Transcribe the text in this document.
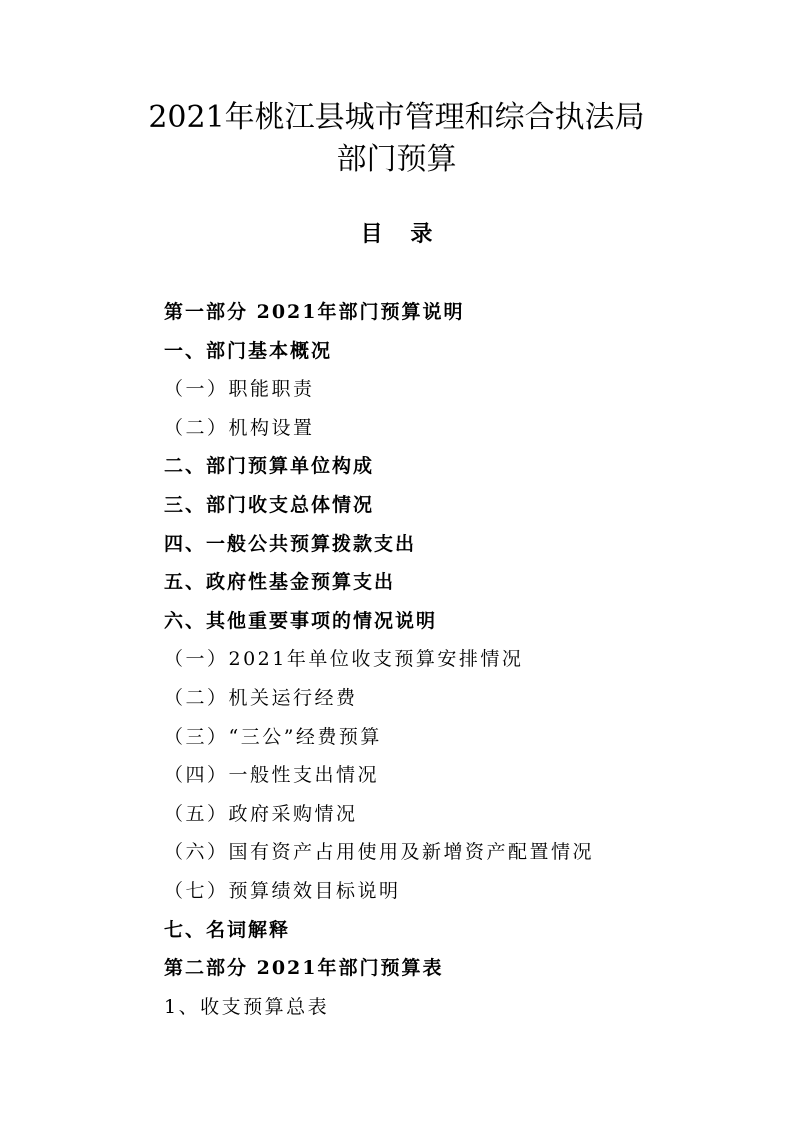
2021年桃江县城市管理和综合执法局
部门预算
目 录
第一部分 2021年部门预算说明
一、部门基本概况
（一）职能职责
（二）机构设置
二、部门预算单位构成
三、部门收支总体情况
四、一般公共预算拨款支出
五、政府性基金预算支出
六、其他重要事项的情况说明
（一）2021年单位收支预算安排情况
（二）机关运行经费
（三）“三公”经费预算
（四）一般性支出情况
（五）政府采购情况
（六）国有资产占用使用及新增资产配置情况
（七）预算绩效目标说明
七、名词解释
第二部分 2021年部门预算表
1、收支预算总表
